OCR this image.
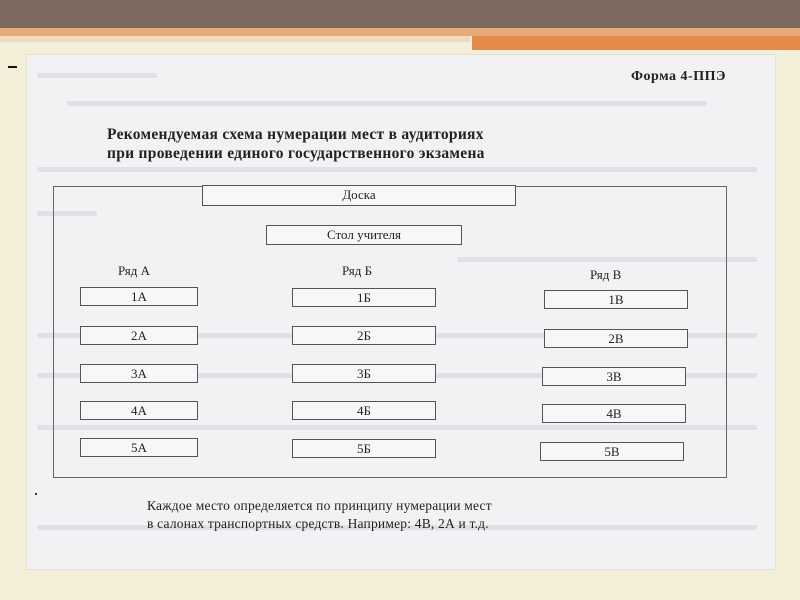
Форма 4-ППЭ
Рекомендуемая схема нумерации мест в аудиториях
при проведении единого государственного экзамена
Доска
Стол учителя
Ряд А
1А
2А
3А
4А
5А
Ряд Б
1Б
2Б
3Б
4Б
5Б
Ряд В
1В
2В
3В
4В
5В
Каждое место определяется по принципу нумерации мест
в салонах транспортных средств. Например: 4В, 2А и т.д.
